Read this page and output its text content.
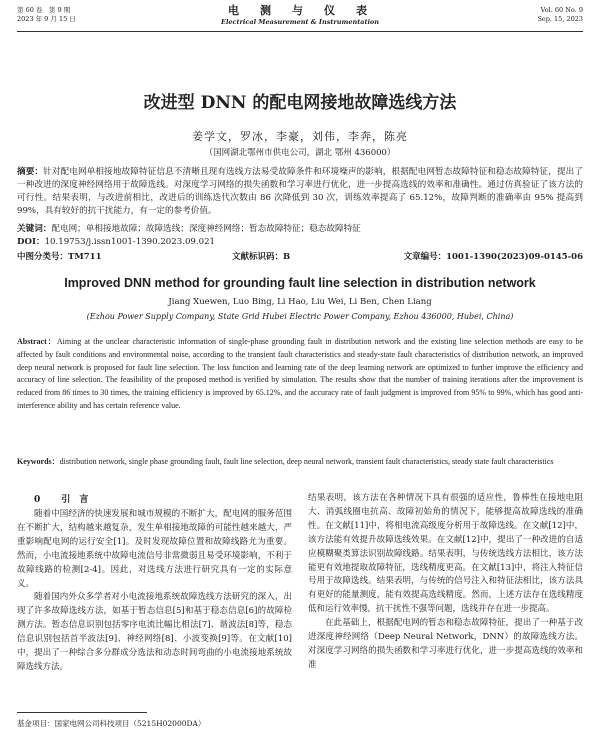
第 60 卷　第 9 期
2023 年 9 月 15 日
电　测　与　仪　表
Electrical Measurement & Instrumentation
Vol. 60 No. 9
Sep. 15, 2023
改进型 DNN 的配电网接地故障选线方法
姜学文，罗冰，李豪，刘伟，李奔，陈亮
（国网湖北鄂州市供电公司，湖北 鄂州 436000）
摘要：针对配电网单相接地故障特征信息不清晰且现有选线方法易受故障条件和环境噪声的影响，根据配电网暂态故障特征和稳态故障特征，提出了一种改进的深度神经网络用于故障选线。对深度学习网络的损失函数和学习率进行优化，进一步提高选线的效率和准确性。通过仿真验证了该方法的可行性。结果表明，与改进前相比，改进后的训练迭代次数由 86 次降低到 30 次，训练效率提高了 65.12%，故障判断的准确率由 95% 提高到 99%，具有较好的抗干扰能力，有一定的参考价值。
关键词：配电网；单相接地故障；故障选线；深度神经网络；暂态故障特征；稳态故障特征
DOI：10.19753/j.issn1001-1390.2023.09.021
中图分类号：TM711	文献标识码：B	文章编号：1001-1390(2023)09-0145-06
Improved DNN method for grounding fault line selection in distribution network
Jiang Xuewen, Luo Bing, Li Hao, Liu Wei, Li Ben, Chen Liang
(Ezhou Power Supply Company, State Grid Hubei Electric Power Company, Ezhou 436000, Hubei, China)
Abstract：Aiming at the unclear characteristic information of single-phase grounding fault in distribution network and the existing line selection methods are easy to be affected by fault conditions and environmental noise, according to the transient fault characteristics and steady-state fault characteristics of distribution network, an improved deep neural network is proposed for fault line selection. The loss function and learning rate of the deep learning network are optimized to further improve the efficiency and accuracy of line selection. The feasibility of the proposed method is verified by simulation. The results show that the number of training iterations after the improvement is reduced from 86 times to 30 times, the training efficiency is improved by 65.12%, and the accuracy rate of fault judgment is improved from 95% to 99%, which has good anti-interference ability and has certain reference value.
Keywords：distribution network, single phase grounding fault, fault line selection, deep neural network, transient fault characteristics, steady state fault characteristics
0 引　言

随着中国经济的快速发展和城市规模的不断扩大，配电网的服务范围在不断扩大，结构越来越复杂，发生单相接地故障的可能性越来越大，严重影响配电网的运行安全[1]。及时发现故障位置和故障线路尤为重要。然而，小电流接地系统中故障电流信号非常微弱且易受环境影响，不利于故障线路的检测[2-4]。因此，对选线方法进行研究具有一定的实际意义。

随着国内外众多学者对小电流接地系统故障选线方法研究的深入，出现了许多故障选线方法，如基于暂态信息[5]和基于稳态信息[6]的故障检测方法。暂态信息识别包括零序电流比幅比相法[7]、谐波法[8]等，稳态信息识别包括首半波法[9]、神经网络[8]、小波变换[9]等。在文献[10]中，提出了一种综合多分群成分选法和动态时间弯曲的小电流接地系统故障选线方法。

结果表明，该方法在各种情况下具有很强的适应性，鲁棒性在接地电阻大、消弧线圈电抗高、故障初始角的情况下，能够提高故障选线的准确性。在文献[11]中，将相电流高级度分析用于故障选线。在文献[12]中，该方法能有效提升故障选线效果。在文献[12]中，提出了一种改进的自适应模糊聚类算法识别故障线路。结果表明，与传统选线方法相比，该方法能更有效地提取故障特征，选线精度更高。在文献[13]中，将注入特征信号用于故障选线。结果表明，与传统的信号注入和特征法相比，该方法具有更好的能量测度，能有效提高选线精度。然而，上述方法存在选线精度低和运行效率慢，抗干扰性不强等问题，选线并存在进一步提高。

在此基础上，根据配电网的暂态和稳态故障特征，提出了一种基于改进深度神经网络（Deep Neural Network，DNN）的故障选线方法。对深度学习网络的损失函数和学习率进行优化，进一步提高选线的效率和准

基金项目：国家电网公司科技项目（5215H02000DA）
